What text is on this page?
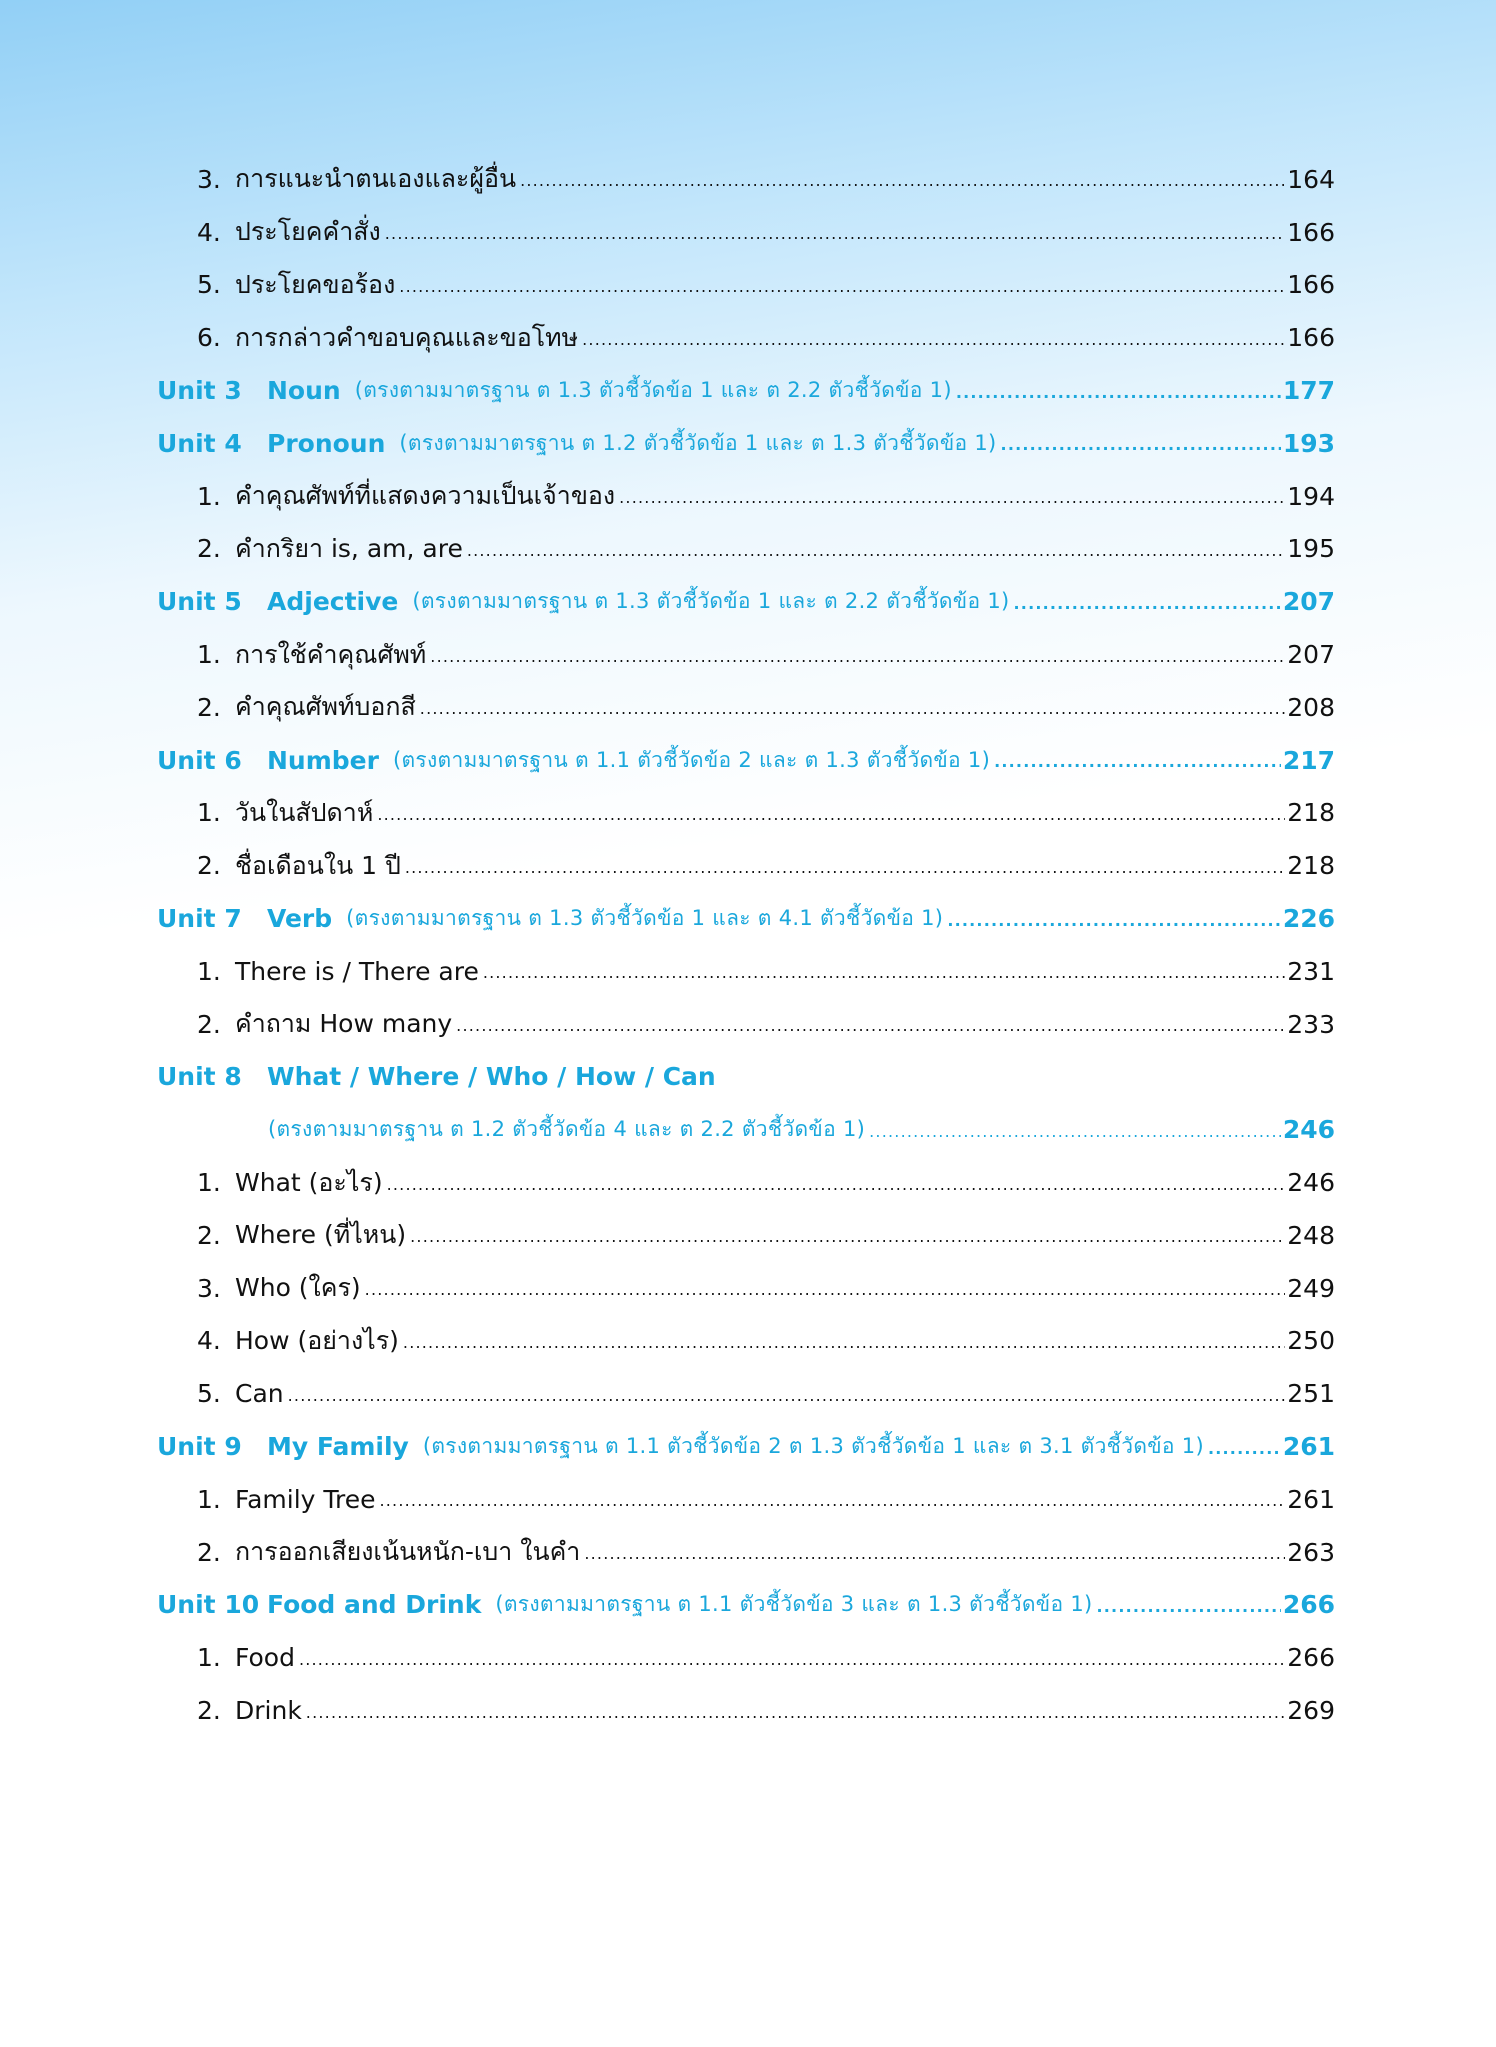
3. การแนะนำตนเองและผู้อื่น .....	164
4. ประโยคคำสั่ง .....	166
5. ประโยคขอร้อง .....	166
6. การกล่าวคำขอบคุณและขอโทษ .....	166
Unit 3	Noun (ตรงตามมาตรฐาน ต 1.3 ตัวชี้วัดข้อ 1 และ ต 2.2 ตัวชี้วัดข้อ 1) .....	177
Unit 4	Pronoun (ตรงตามมาตรฐาน ต 1.2 ตัวชี้วัดข้อ 1 และ ต 1.3 ตัวชี้วัดข้อ 1) .....	193
1. คำคุณศัพท์ที่แสดงความเป็นเจ้าของ .....	194
2. คำกริยา is, am, are .....	195
Unit 5	Adjective (ตรงตามมาตรฐาน ต 1.3 ตัวชี้วัดข้อ 1 และ ต 2.2 ตัวชี้วัดข้อ 1) .....	207
1. การใช้คำคุณศัพท์ .....	207
2. คำคุณศัพท์บอกสี .....	208
Unit 6	Number (ตรงตามมาตรฐาน ต 1.1 ตัวชี้วัดข้อ 2 และ ต 1.3 ตัวชี้วัดข้อ 1) .....	217
1. วันในสัปดาห์ .....	218
2. ชื่อเดือนใน 1 ปี .....	218
Unit 7	Verb (ตรงตามมาตรฐาน ต 1.3 ตัวชี้วัดข้อ 1 และ ต 4.1 ตัวชี้วัดข้อ 1) .....	226
1. There is / There are .....	231
2. คำถาม How many .....	233
Unit 8	What / Where / Who / How / Can
(ตรงตามมาตรฐาน ต 1.2 ตัวชี้วัดข้อ 4 และ ต 2.2 ตัวชี้วัดข้อ 1) .....	246
1. What (อะไร) .....	246
2. Where (ที่ไหน) .....	248
3. Who (ใคร) .....	249
4. How (อย่างไร) .....	250
5. Can .....	251
Unit 9	My Family (ตรงตามมาตรฐาน ต 1.1 ตัวชี้วัดข้อ 2 ต 1.3 ตัวชี้วัดข้อ 1 และ ต 3.1 ตัวชี้วัดข้อ 1) .....	261
1. Family Tree .....	261
2. การออกเสียงเน้นหนัก-เบา ในคำ .....	263
Unit 10 Food and Drink (ตรงตามมาตรฐาน ต 1.1 ตัวชี้วัดข้อ 3 และ ต 1.3 ตัวชี้วัดข้อ 1) .....	266
1. Food .....	266
2. Drink .....	269
